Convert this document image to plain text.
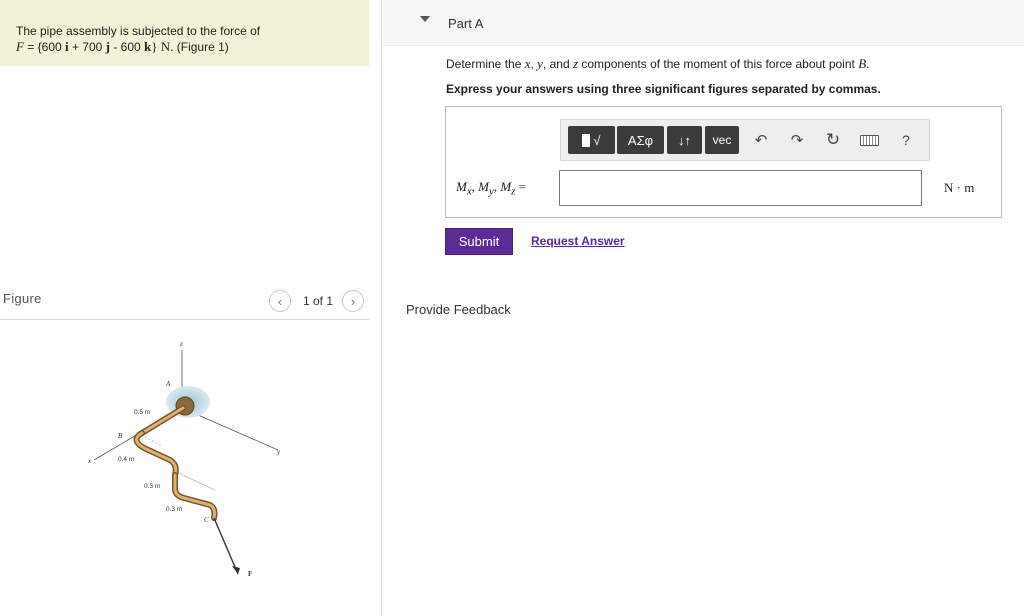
The pipe assembly is subjected to the force of
F = {600 i + 700 j - 600 k} N. (Figure 1)
Figure	‹	1 of 1	›
z
A
0.5 m
B
x	0.4 m
y
0.3 m
0.3 m
C
F
Part A
Determine the x, y, and z components of the moment of this force about point B.
Express your answers using three significant figures separated by commas.
√	ΑΣφ	↓↑	vec	↶	↷	↻	?
$M_x$, $M_y$, $M_z$ =	N · m
Submit	Request Answer
Provide Feedback
